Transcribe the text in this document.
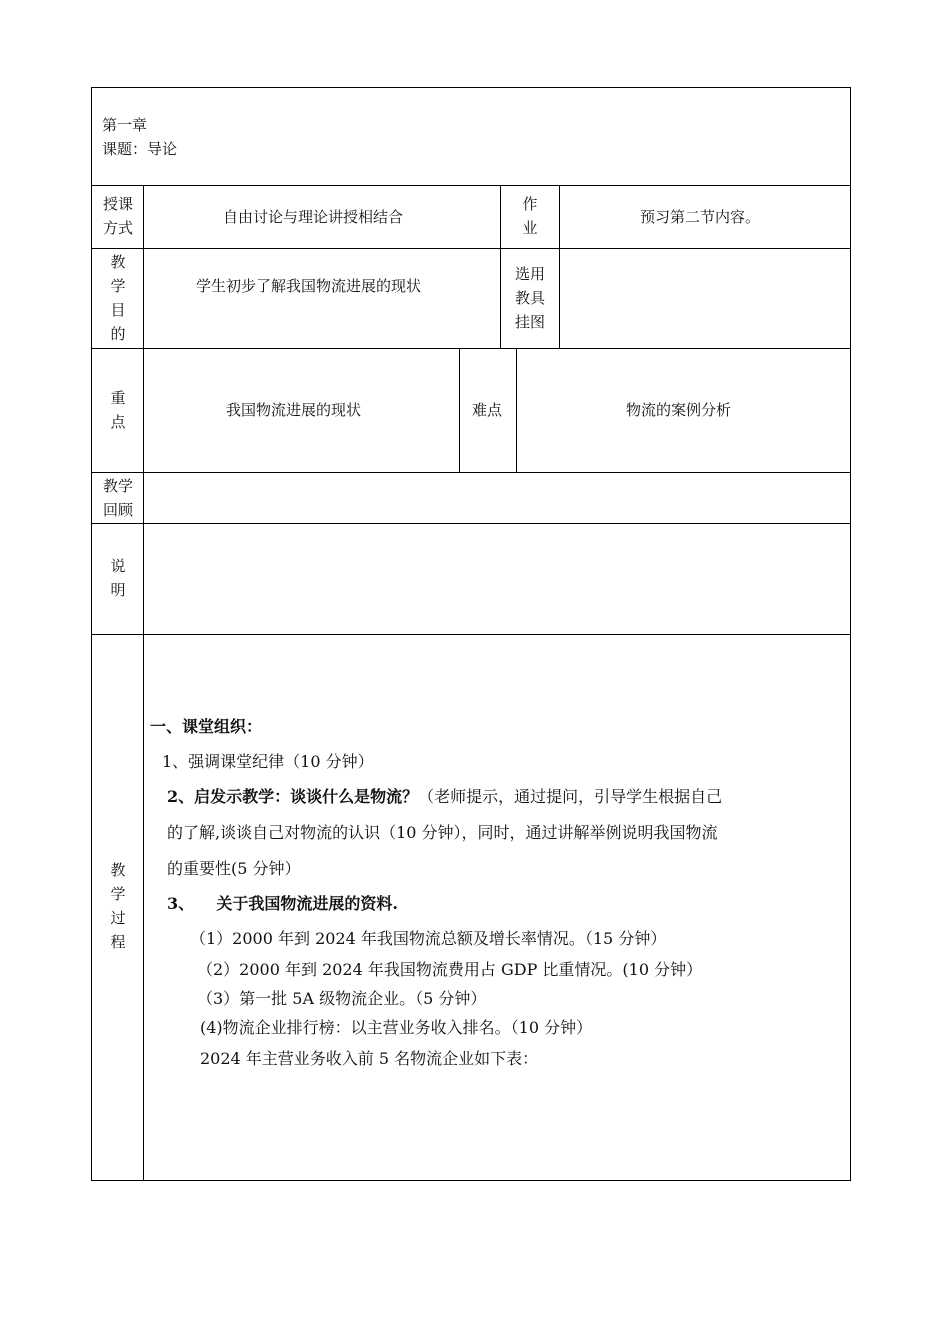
第一章
课题：导论
授课
方式
自由讨论与理论讲授相结合
作
业
预习第二节内容。
教
学
目
的
学生初步了解我国物流进展的现状
选用
教具
挂图
重
点
我国物流进展的现状	难点	物流的案例分析
教学
回顾
说
明
教
学
过
程
一、课堂组织：
1、强调课堂纪律（10 分钟）
2、启发示教学：谈谈什么是物流？（老师提示，通过提问，引导学生根据自己
的了解,谈谈自己对物流的认识（10 分钟），同时，通过讲解举例说明我国物流
的重要性(5 分钟）
3、    关于我国物流进展的资料.
（1）2000 年到 2024 年我国物流总额及增长率情况。（15 分钟）
（2）2000 年到 2024 年我国物流费用占 GDP 比重情况。(10 分钟）
（3）第一批 5A 级物流企业。（5 分钟）
(4)物流企业排行榜：以主营业务收入排名。（10 分钟）
2024 年主营业务收入前 5 名物流企业如下表：
